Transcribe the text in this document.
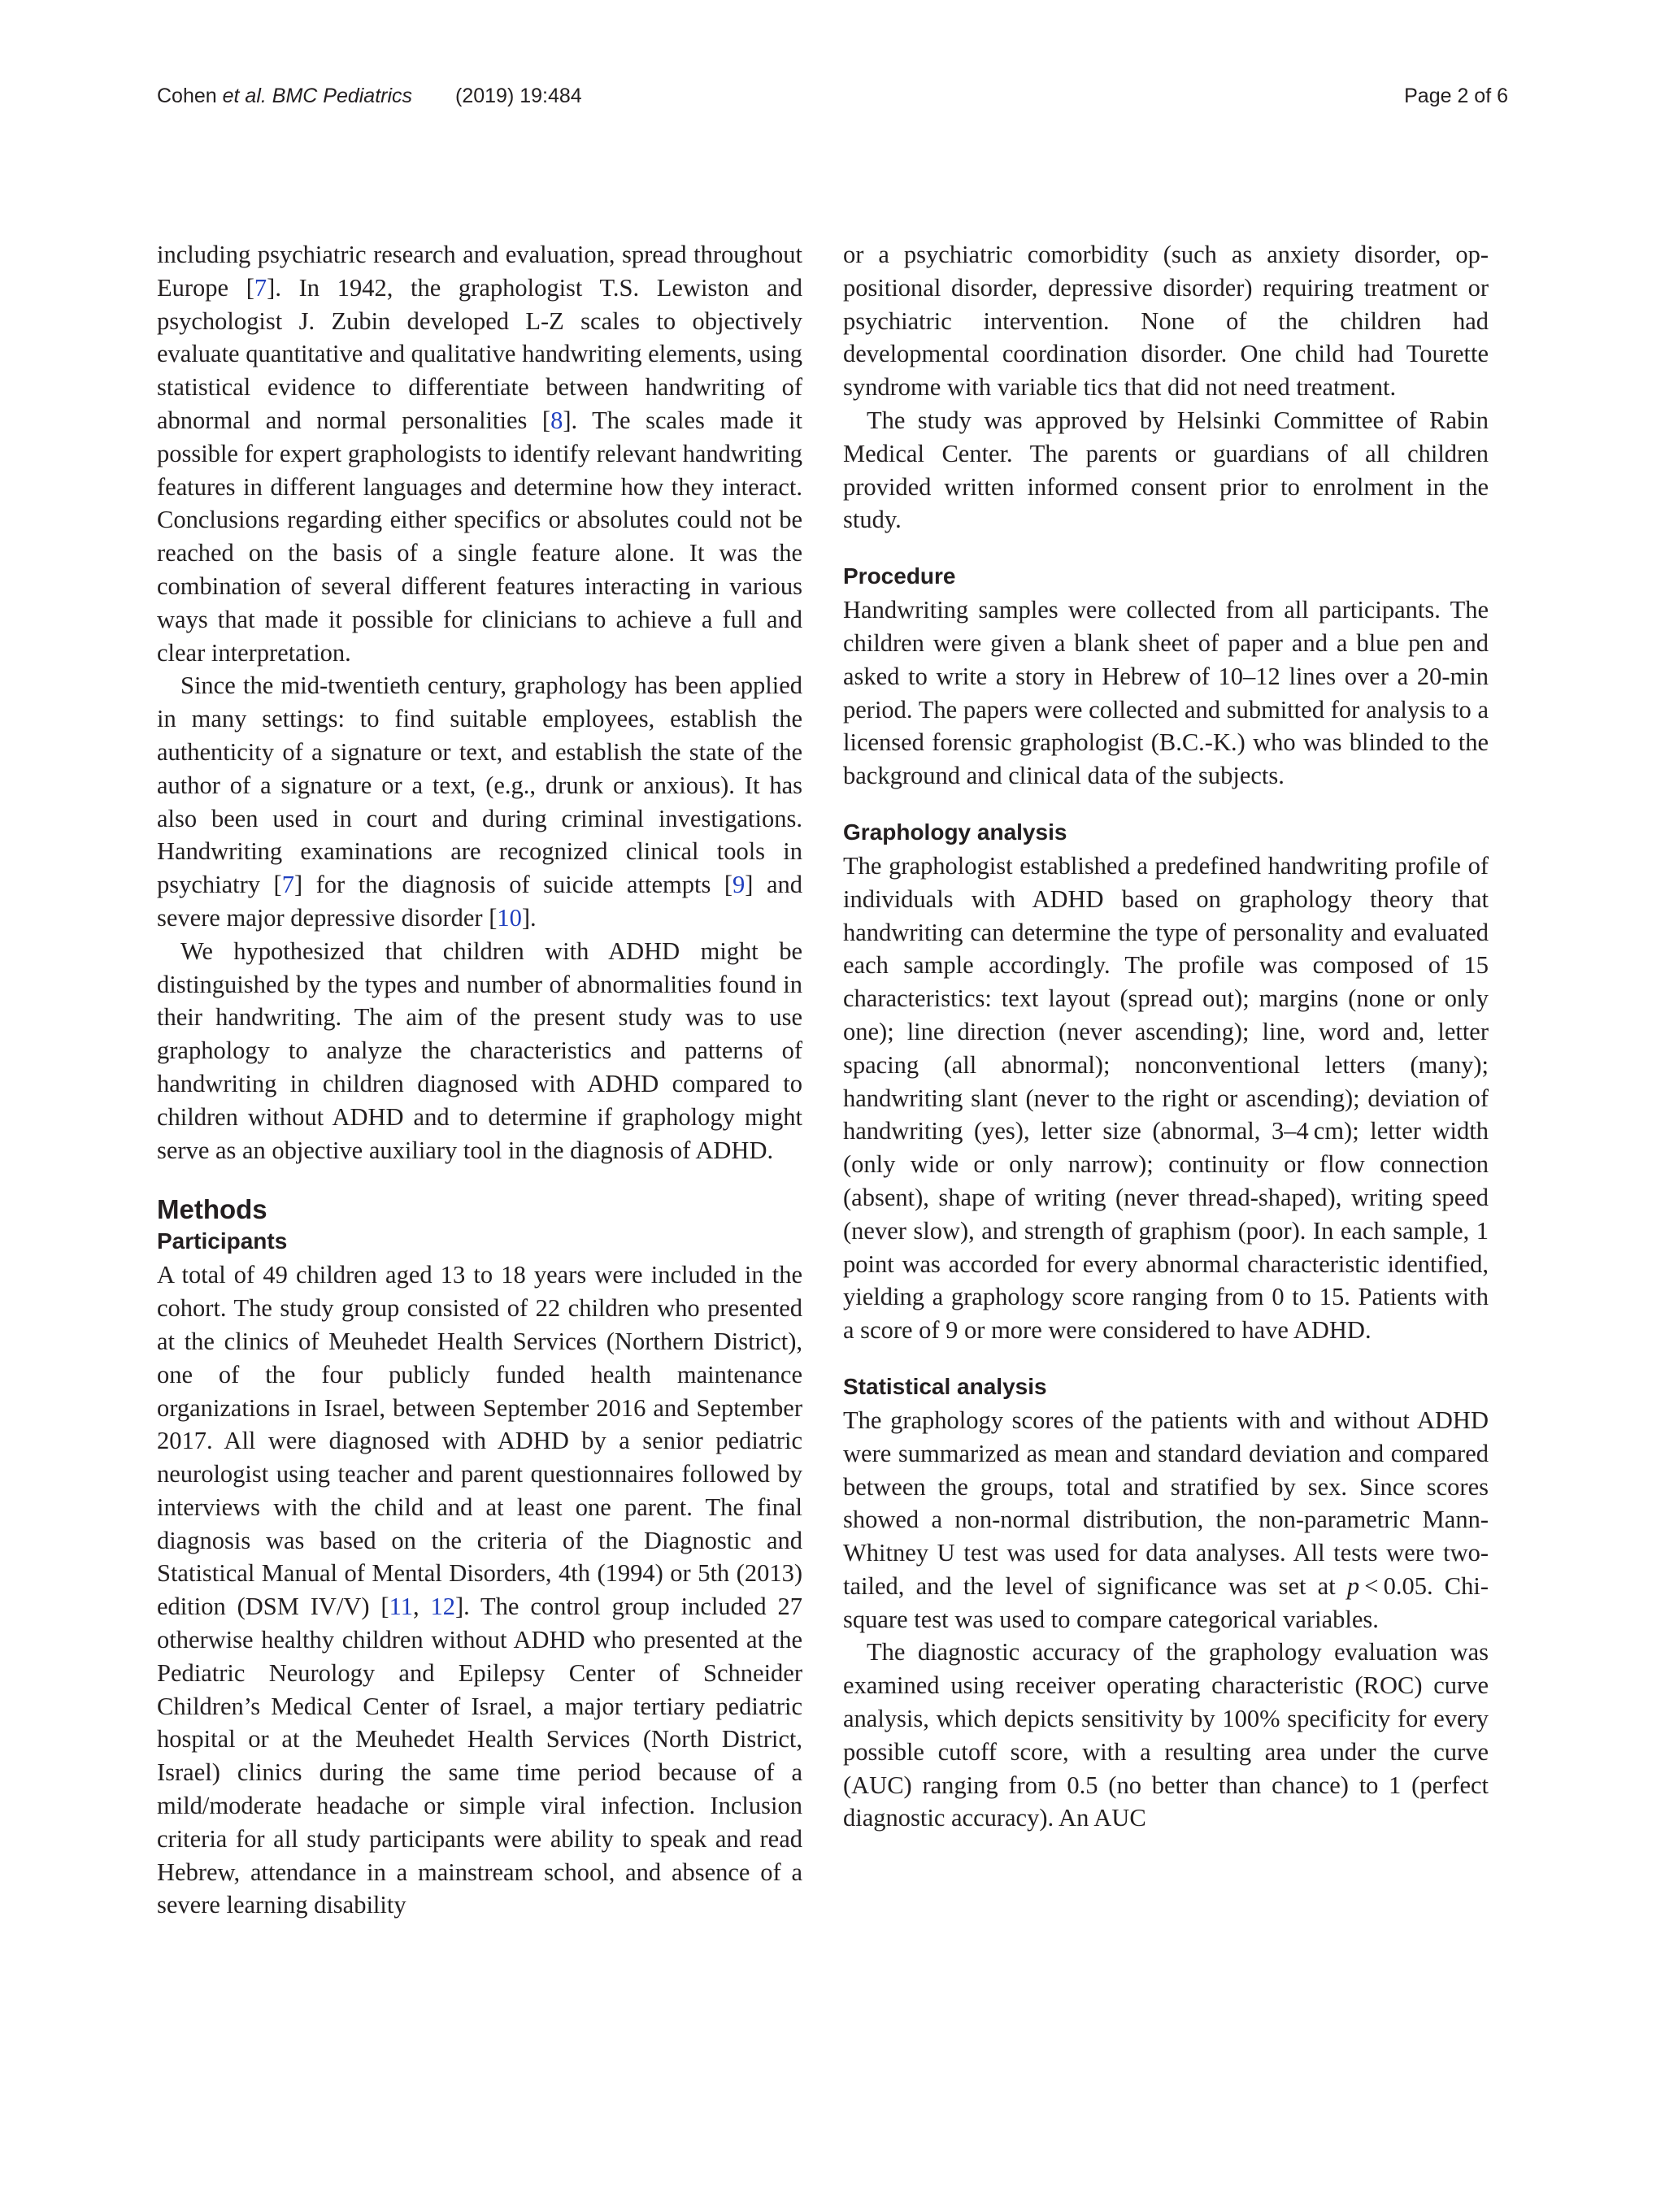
Cohen et al. BMC Pediatrics (2019) 19:484	Page 2 of 6

including psychiatric research and evaluation, spread throughout Europe [7]. In 1942, the graphologist T.S. Lewiston and psychologist J. Zubin developed L-Z scales to objectively evaluate quantitative and qualitative handwriting elements, using statistical evidence to differentiate between handwriting of abnormal and normal personalities [8]. The scales made it possible for expert graphologists to identify relevant handwriting features in different languages and determine how they interact. Conclusions regarding either specifics or absolutes could not be reached on the basis of a single feature alone. It was the combination of several different features interacting in various ways that made it possible for clinicians to achieve a full and clear interpretation.

Since the mid-twentieth century, graphology has been applied in many settings: to find suitable employees, establish the authenticity of a signature or text, and establish the state of the author of a signature or a text, (e.g., drunk or anxious). It has also been used in court and during criminal investigations. Handwriting examinations are recognized clinical tools in psychiatry [7] for the diagnosis of suicide attempts [9] and severe major depressive disorder [10].

We hypothesized that children with ADHD might be distinguished by the types and number of abnormalities found in their handwriting. The aim of the present study was to use graphology to analyze the characteristics and patterns of handwriting in children diagnosed with ADHD compared to children without ADHD and to determine if graphology might serve as an objective auxiliary tool in the diagnosis of ADHD.

Methods
Participants

A total of 49 children aged 13 to 18 years were included in the cohort. The study group consisted of 22 children who presented at the clinics of Meuhedet Health Services (Northern District), one of the four publicly funded health maintenance organizations in Israel, between September 2016 and September 2017. All were diagnosed with ADHD by a senior pediatric neurologist using teacher and parent questionnaires followed by interviews with the child and at least one parent. The final diagnosis was based on the criteria of the Diagnostic and Statistical Manual of Mental Disorders, 4th (1994) or 5th (2013) edition (DSM IV/V) [11, 12]. The control group included 27 otherwise healthy children without ADHD who presented at the Pediatric Neurology and Epilepsy Center of Schneider Children’s Medical Center of Israel, a major tertiary pediatric hospital or at the Meuhedet Health Services (North District, Israel) clinics during the same time period because of a mild/moderate headache or simple viral infection. Inclusion criteria for all study participants were ability to speak and read Hebrew, attendance in a mainstream school, and absence of a severe learning disability

or a psychiatric comorbidity (such as anxiety disorder, oppositional disorder, depressive disorder) requiring treatment or psychiatric intervention. None of the children had developmental coordination disorder. One child had Tourette syndrome with variable tics that did not need treatment.

The study was approved by Helsinki Committee of Rabin Medical Center. The parents or guardians of all children provided written informed consent prior to enrolment in the study.

Procedure

Handwriting samples were collected from all participants. The children were given a blank sheet of paper and a blue pen and asked to write a story in Hebrew of 10–12 lines over a 20-min period. The papers were collected and submitted for analysis to a licensed forensic graphologist (B.C.-K.) who was blinded to the background and clinical data of the subjects.

Graphology analysis

The graphologist established a predefined handwriting profile of individuals with ADHD based on graphology theory that handwriting can determine the type of personality and evaluated each sample accordingly. The profile was composed of 15 characteristics: text layout (spread out); margins (none or only one); line direction (never ascending); line, word and, letter spacing (all abnormal); nonconventional letters (many); handwriting slant (never to the right or ascending); deviation of handwriting (yes), letter size (abnormal, 3–4 cm); letter width (only wide or only narrow); continuity or flow connection (absent), shape of writing (never thread-shaped), writing speed (never slow), and strength of graphism (poor). In each sample, 1 point was accorded for every abnormal characteristic identified, yielding a graphology score ranging from 0 to 15. Patients with a score of 9 or more were considered to have ADHD.

Statistical analysis

The graphology scores of the patients with and without ADHD were summarized as mean and standard deviation and compared between the groups, total and stratified by sex. Since scores showed a non-normal distribution, the non-parametric Mann-Whitney U test was used for data analyses. All tests were two-tailed, and the level of significance was set at p < 0.05. Chi-square test was used to compare categorical variables.

The diagnostic accuracy of the graphology evaluation was examined using receiver operating characteristic (ROC) curve analysis, which depicts sensitivity by 100% specificity for every possible cutoff score, with a resulting area under the curve (AUC) ranging from 0.5 (no better than chance) to 1 (perfect diagnostic accuracy). An AUC
